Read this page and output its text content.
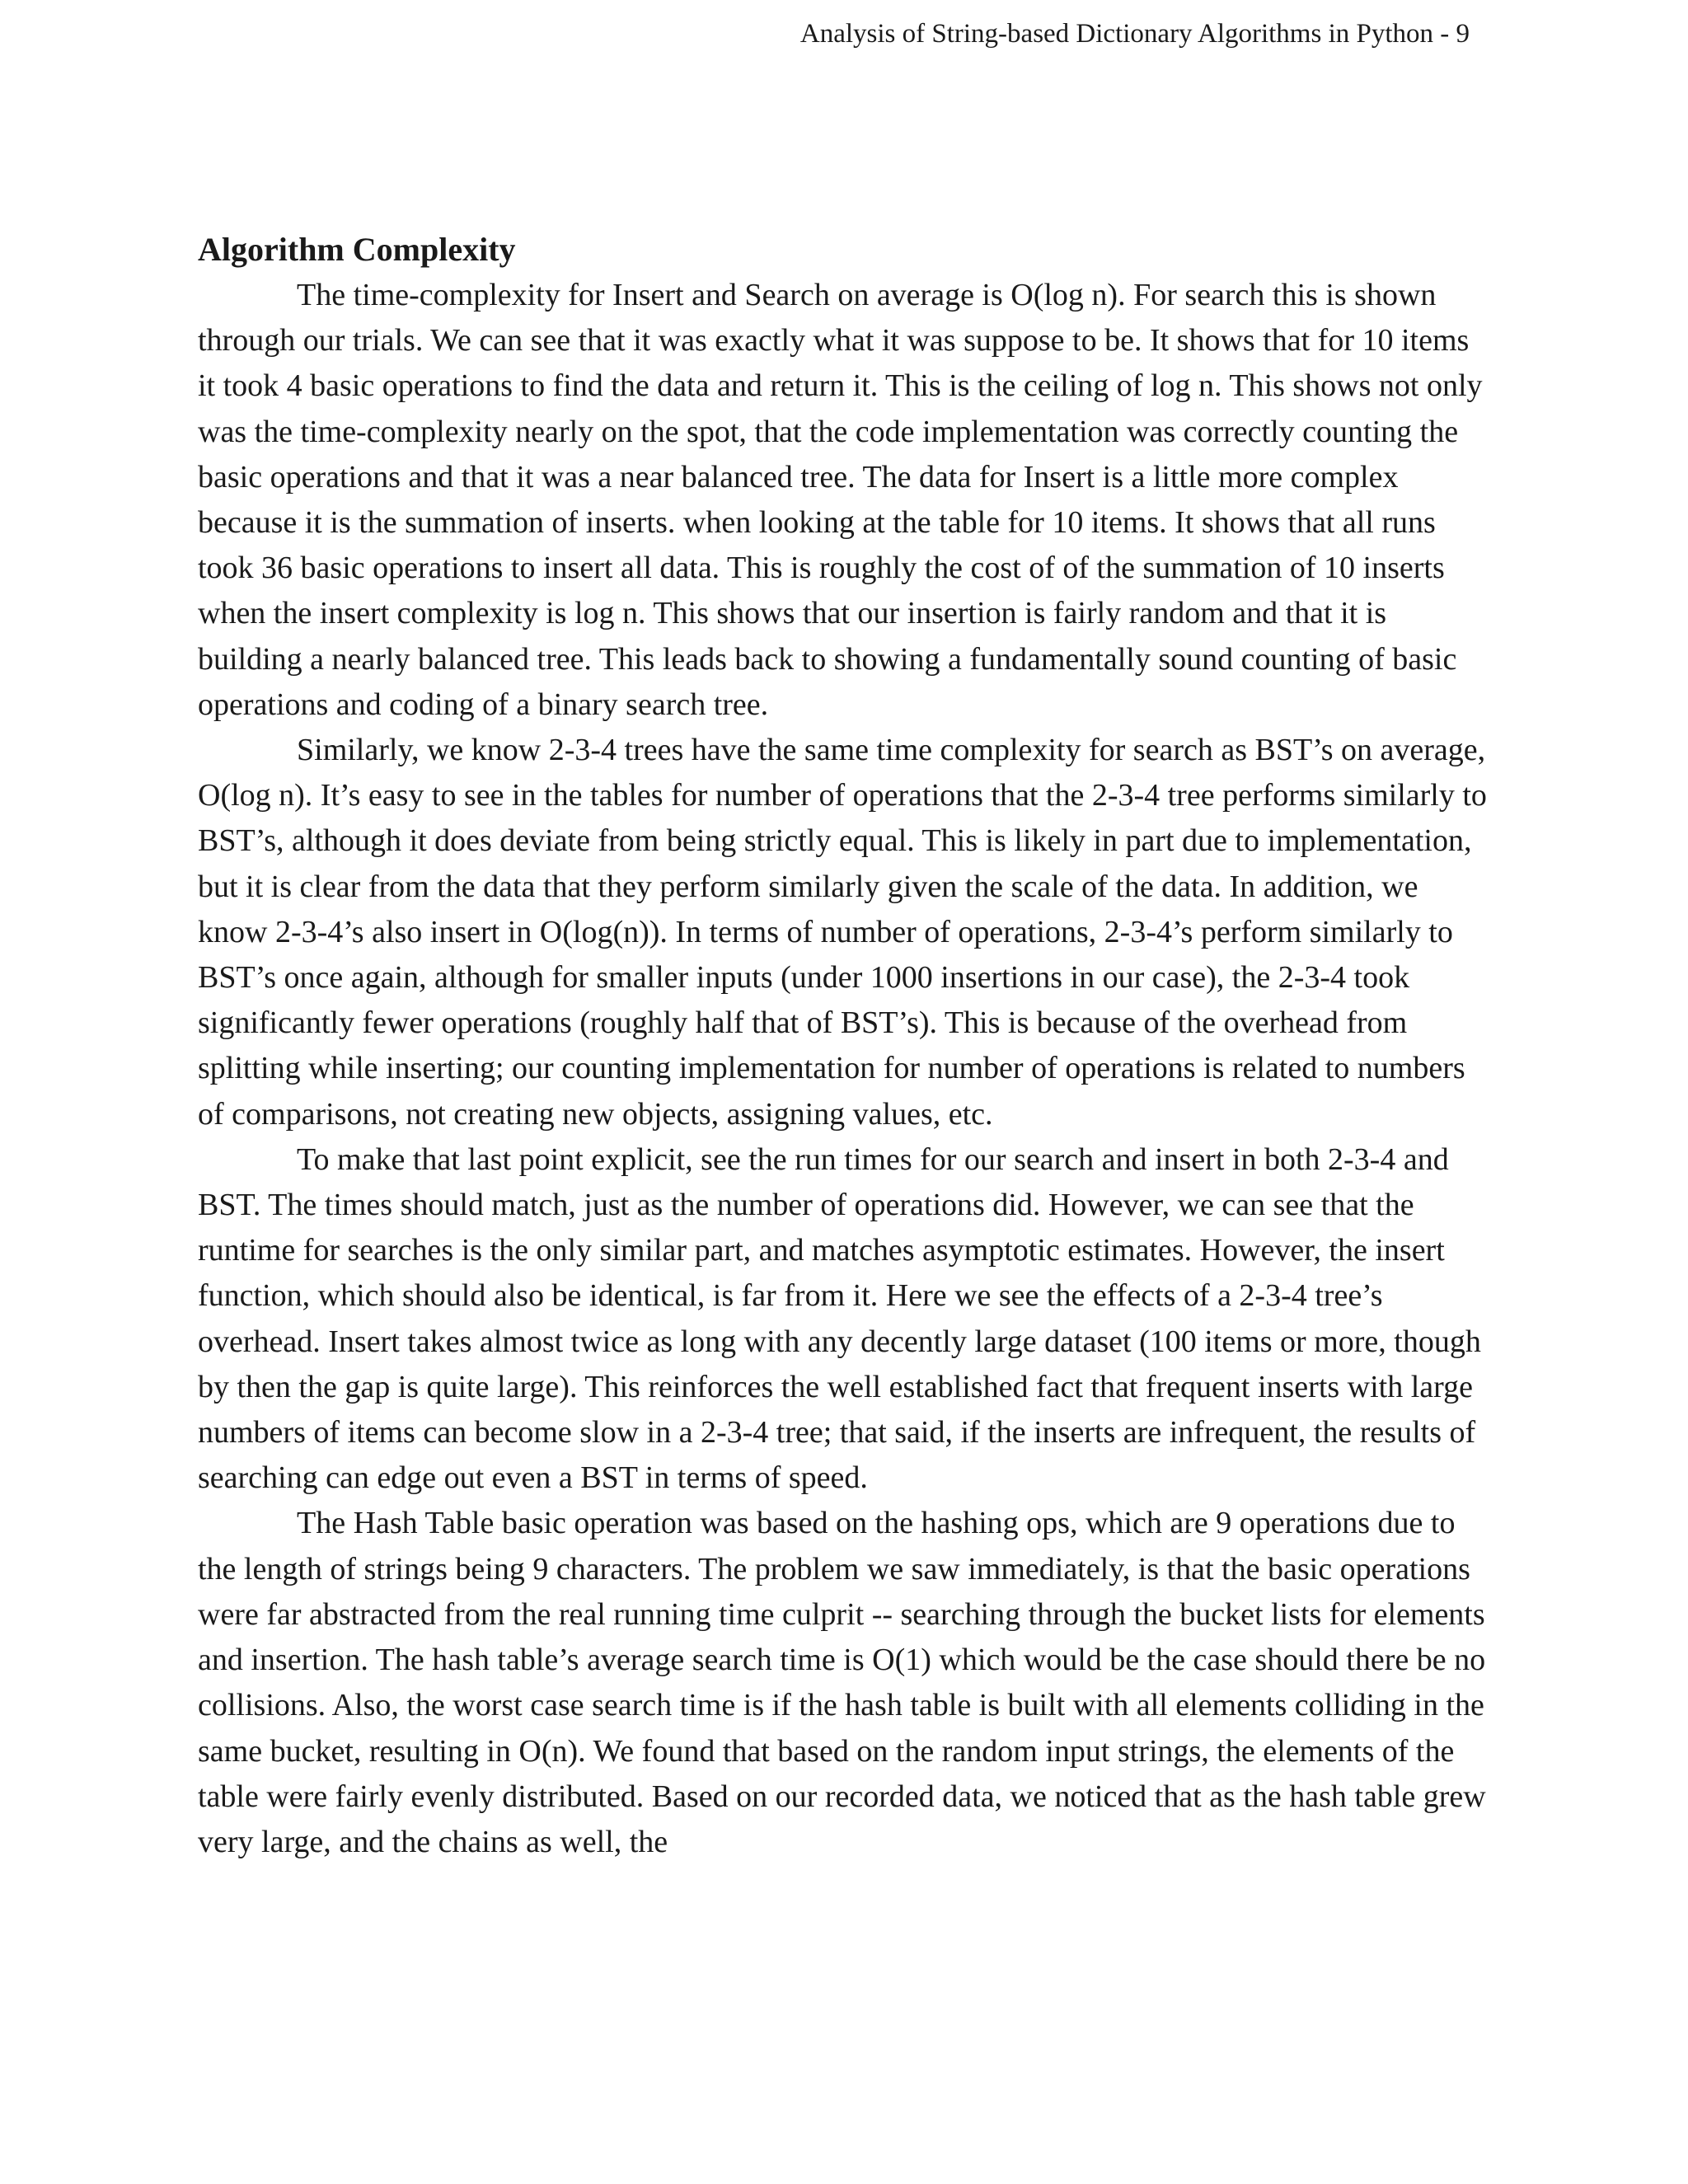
Analysis of String-based Dictionary Algorithms in Python - 9
Algorithm Complexity

The time-complexity for Insert and Search on average is O(log n). For search this is shown through our trials. We can see that it was exactly what it was suppose to be. It shows that for 10 items it took 4 basic operations to find the data and return it. This is the ceiling of log n. This shows not only was the time-complexity nearly on the spot, that the code implementation was correctly counting the basic operations and that it was a near balanced tree. The data for Insert is a little more complex because it is the summation of inserts. when looking at the table for 10 items. It shows that all runs took 36 basic operations to insert all data. This is roughly the cost of of the summation of 10 inserts when the insert complexity is log n. This shows that our insertion is fairly random and that it is building a nearly balanced tree. This leads back to showing a fundamentally sound counting of basic operations and coding of a binary search tree.

Similarly, we know 2-3-4 trees have the same time complexity for search as BST’s on average, O(log n). It’s easy to see in the tables for number of operations that the 2-3-4 tree performs similarly to BST’s, although it does deviate from being strictly equal. This is likely in part due to implementation, but it is clear from the data that they perform similarly given the scale of the data. In addition, we know 2-3-4’s also insert in O(log(n)). In terms of number of operations, 2-3-4’s perform similarly to BST’s once again, although for smaller inputs (under 1000 insertions in our case), the 2-3-4 took significantly fewer operations (roughly half that of BST’s). This is because of the overhead from splitting while inserting; our counting implementation for number of operations is related to numbers of comparisons, not creating new objects, assigning values, etc.

To make that last point explicit, see the run times for our search and insert in both 2-3-4 and BST. The times should match, just as the number of operations did. However, we can see that the runtime for searches is the only similar part, and matches asymptotic estimates. However, the insert function, which should also be identical, is far from it. Here we see the effects of a 2-3-4 tree’s overhead. Insert takes almost twice as long with any decently large dataset (100 items or more, though by then the gap is quite large). This reinforces the well established fact that frequent inserts with large numbers of items can become slow in a 2-3-4 tree; that said, if the inserts are infrequent, the results of searching can edge out even a BST in terms of speed.

The Hash Table basic operation was based on the hashing ops, which are 9 operations due to the length of strings being 9 characters. The problem we saw immediately, is that the basic operations were far abstracted from the real running time culprit -- searching through the bucket lists for elements and insertion. The hash table’s average search time is O(1) which would be the case should there be no collisions. Also, the worst case search time is if the hash table is built with all elements colliding in the same bucket, resulting in O(n). We found that based on the random input strings, the elements of the table were fairly evenly distributed. Based on our recorded data, we noticed that as the hash table grew very large, and the chains as well, the
